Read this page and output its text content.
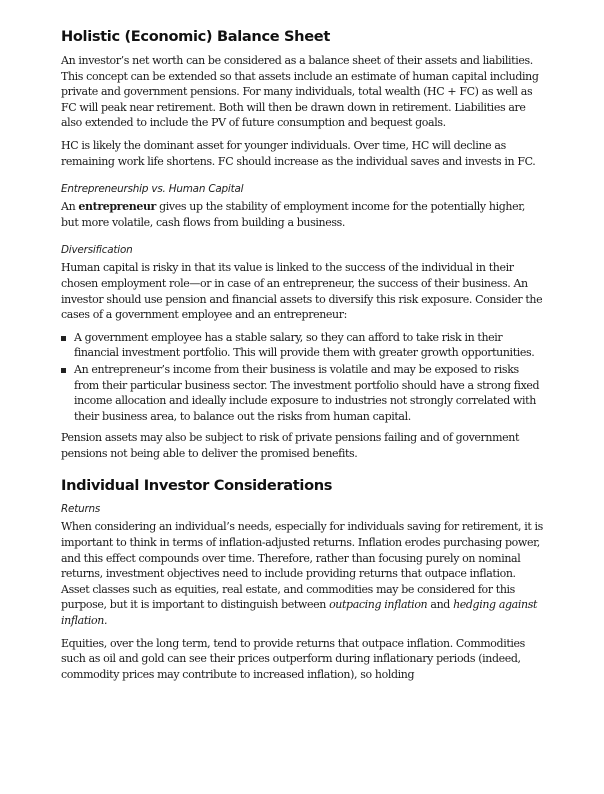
Holistic (Economic) Balance Sheet

An investor’s net worth can be considered as a balance sheet of their assets and liabilities. This concept can be extended so that assets include an estimate of human capital including private and government pensions. For many individuals, total wealth (HC + FC) as well as FC will peak near retirement. Both will then be drawn down in retirement. Liabilities are also extended to include the PV of future consumption and bequest goals.

HC is likely the dominant asset for younger individuals. Over time, HC will decline as remaining work life shortens. FC should increase as the individual saves and invests in FC.

Entrepreneurship vs. Human Capital

An entrepreneur gives up the stability of employment income for the potentially higher, but more volatile, cash flows from building a business.

Diversification

Human capital is risky in that its value is linked to the success of the individual in their chosen employment role—or in case of an entrepreneur, the success of their business. An investor should use pension and financial assets to diversify this risk exposure. Consider the cases of a government employee and an entrepreneur:

A government employee has a stable salary, so they can afford to take risk in their financial investment portfolio. This will provide them with greater growth opportunities.
An entrepreneur’s income from their business is volatile and may be exposed to risks from their particular business sector. The investment portfolio should have a strong fixed income allocation and ideally include exposure to industries not strongly correlated with their business area, to balance out the risks from human capital.

Pension assets may also be subject to risk of private pensions failing and of government pensions not being able to deliver the promised benefits.

Individual Investor Considerations
Returns

When considering an individual’s needs, especially for individuals saving for retirement, it is important to think in terms of inflation-adjusted returns. Inflation erodes purchasing power, and this effect compounds over time. Therefore, rather than focusing purely on nominal returns, investment objectives need to include providing returns that outpace inflation. Asset classes such as equities, real estate, and commodities may be considered for this purpose, but it is important to distinguish between outpacing inflation and hedging against inflation.

Equities, over the long term, tend to provide returns that outpace inflation. Commodities such as oil and gold can see their prices outperform during inflationary periods (indeed, commodity prices may contribute to increased inflation), so holding
